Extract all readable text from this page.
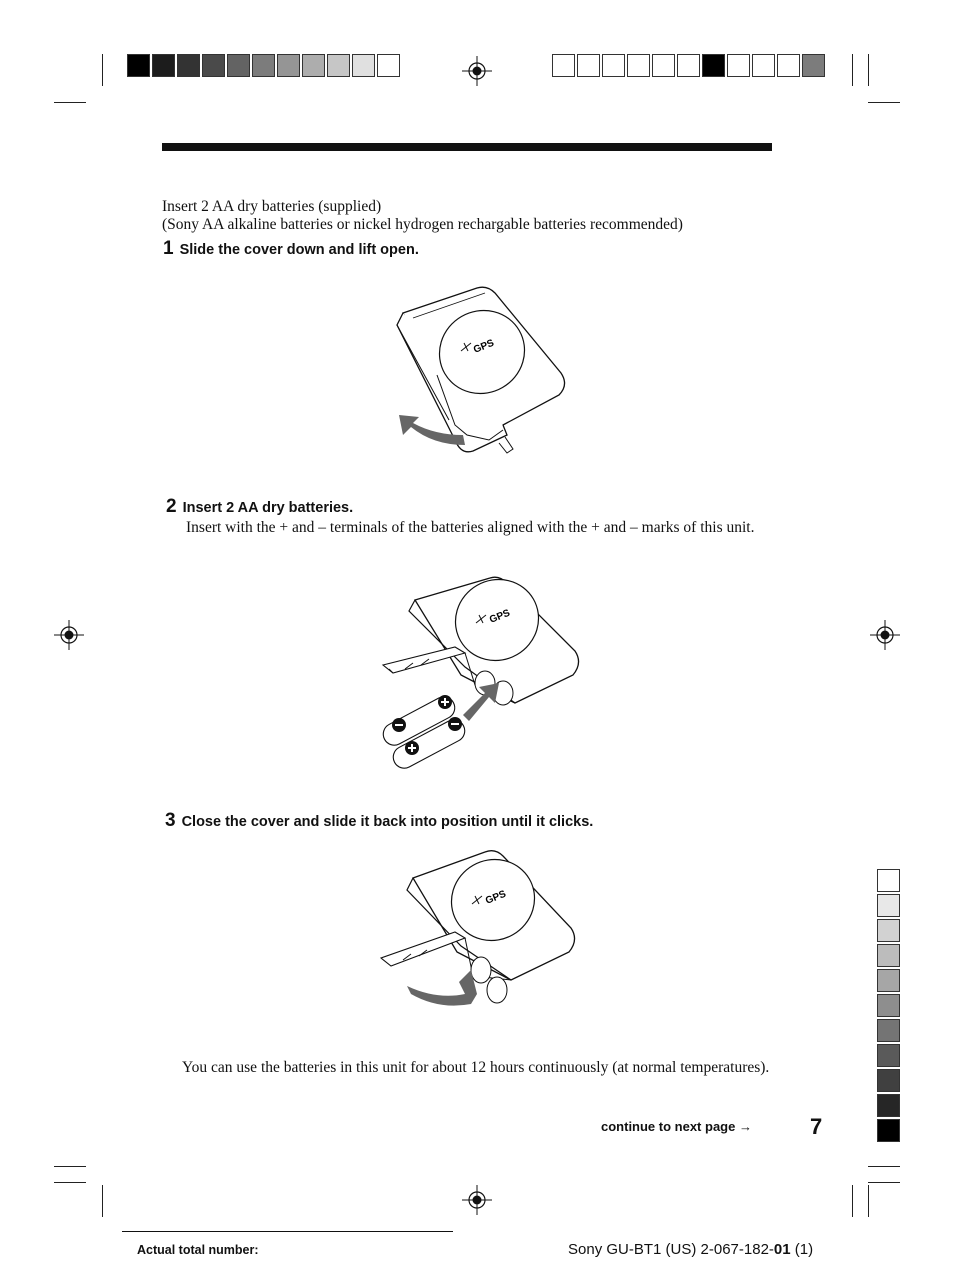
Insert 2 AA dry batteries (supplied)
(Sony AA alkaline batteries or nickel hydrogen rechargable batteries recommended)
1 Slide the cover down and lift open.
GPS
2 Insert 2 AA dry batteries.
Insert with the + and – terminals of the batteries aligned with the + and – marks of this unit.
GPS
3 Close the cover and slide it back into position until it clicks.
GPS
You can use the batteries in this unit for about 12 hours continuously (at normal temperatures).
continue to next page →	7
Actual total number:	Sony GU-BT1 (US) 2-067-182-01 (1)
